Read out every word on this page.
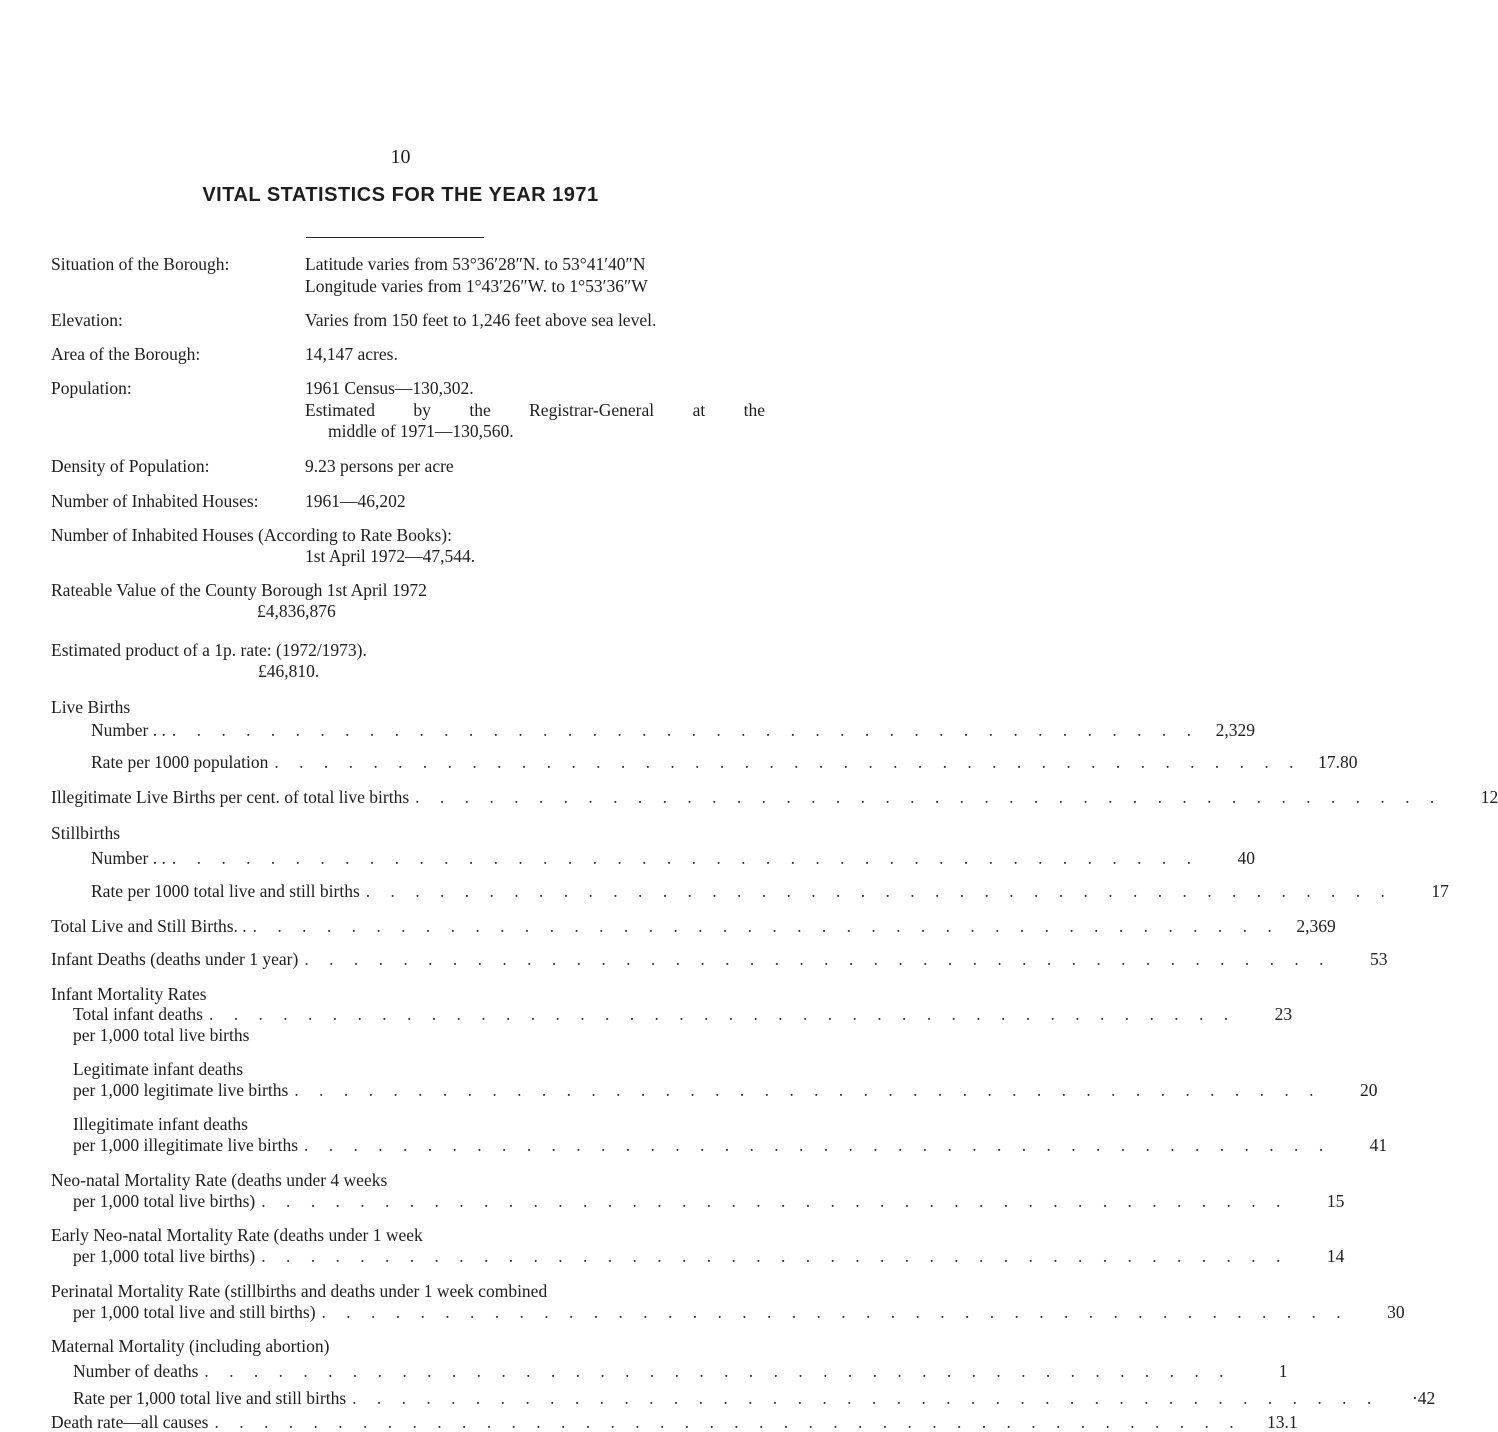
10
VITAL STATISTICS FOR THE YEAR 1971
Situation of the Borough:	Latitude varies from 53°36′28″N. to 53°41′40″N
Longitude varies from 1°43′26″W. to 1°53′36″W
Elevation:	Varies from 150 feet to 1,246 feet above sea level.
Area of the Borough:	14,147 acres.
Population:	1961 Census—130,302.
Estimated by the Registrar-General at the
middle of 1971—130,560.
Density of Population:	9.23 persons per acre
Number of Inhabited Houses:	1961—46,202
Number of Inhabited Houses (According to Rate Books):
1st April 1972—47,544.
Rateable Value of the County Borough 1st April 1972
£4,836,876
Estimated product of a 1p. rate: (1972/1973).
£46,810.
Live Births
Number . . . . . . . . . . . . . . . . . . . . . . . . . . . . . . . . . . . . . . . . . . . . 2,329
Rate per 1000 population . . . . . . . . . . . . . . . . . . . . . . . . . . . . . . . . . . . . . . . . . . 17.80
Illegitimate Live Births per cent. of total live births . . . . . . . . . . . . . . . . . . . . . . . . . . . . . . . . . . . . . . . . . .	12
Stillbirths
Number . . . . . . . . . . . . . . . . . . . . . . . . . . . . . . . . . . . . . . . . . . . .	40
Rate per 1000 total live and still births . . . . . . . . . . . . . . . . . . . . . . . . . . . . . . . . . . . . . . . . . .	17
Total Live and Still Births. . . . . . . . . . . . . . . . . . . . . . . . . . . . . . . . . . . . . . . . . . . . 2,369
Infant Deaths (deaths under 1 year) . . . . . . . . . . . . . . . . . . . . . . . . . . . . . . . . . . . . . . . . . .	53
Infant Mortality Rates
Total infant deaths . . . . . . . . . . . . . . . . . . . . . . . . . . . . . . . . . . . . . . . . . .	23
per 1,000 total live births
Legitimate infant deaths
per 1,000 legitimate live births . . . . . . . . . . . . . . . . . . . . . . . . . . . . . . . . . . . . . . . . . .	20
Illegitimate infant deaths
per 1,000 illegitimate live births . . . . . . . . . . . . . . . . . . . . . . . . . . . . . . . . . . . . . . . . . .	41
Neo-natal Mortality Rate (deaths under 4 weeks
per 1,000 total live births) . . . . . . . . . . . . . . . . . . . . . . . . . . . . . . . . . . . . . . . . . .	15
Early Neo-natal Mortality Rate (deaths under 1 week
per 1,000 total live births) . . . . . . . . . . . . . . . . . . . . . . . . . . . . . . . . . . . . . . . . . .	14
Perinatal Mortality Rate (stillbirths and deaths under 1 week combined
per 1,000 total live and still births) . . . . . . . . . . . . . . . . . . . . . . . . . . . . . . . . . . . . . . . . . .	30
Maternal Mortality (including abortion)
Number of deaths . . . . . . . . . . . . . . . . . . . . . . . . . . . . . . . . . . . . . . . . . .	1
Rate per 1,000 total live and still births . . . . . . . . . . . . . . . . . . . . . . . . . . . . . . . . . . . . . . . . . .	·42
Death rate—all causes . . . . . . . . . . . . . . . . . . . . . . . . . . . . . . . . . . . . . . . . . .	13.1
